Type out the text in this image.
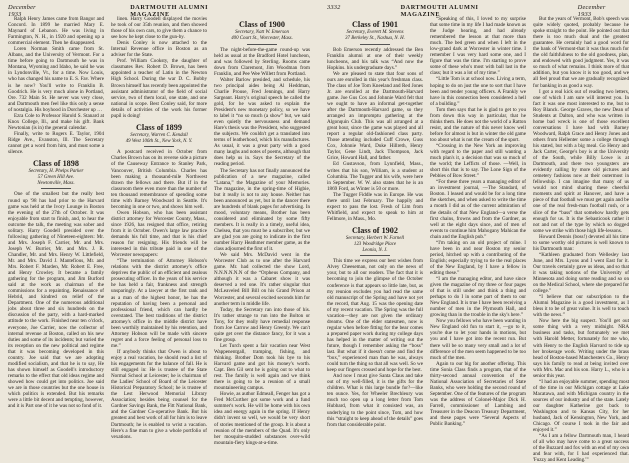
December 1933
DARTMOUTH ALUMNI MAGAZINE
33 32	DARTMOUTH ALUMNI MAGAZINE
December 1933

Ralph Henry James came from Bangor and Concord. In 1899 he married Mary E. Maynard of Lebanon. He was living in Farmington, N. H., in 1920 and opening up a commercial element. Then he disappeared.

Loren Norman Smith came from St. Albans, and the University of Vermont. For a time before going to Dartmouth he was in Montana, Wyoming and Idaho, he said he was in Lyndonville, Vt., for a time. Now Louis, who has changed his name to E. S. Fav. Where is he now? You'll write to Franklin B. Goodrich. He is very much alone in Portland, Ore. 732 Main St. He never was very close, and Dartmouth men feel like this only a sense of nostalgia. His boyhood in Dorchester up …

Ezra Cole to Professor Harold S. Stanard at Knox College, Ill., and make his gift. Bank Newtonian (is in) the general calendar.

Finally, write to Rogers E. Taylor, 1904 Ridge Ave., Evanston, Ill. The Secretary cannot get a word from him, and must some a silence.

Class of 1898
Secretary, H. Phelps Parker
57 Green Hill Ave.
Newtonville, Mass.

One of the smallest but the really best round up '98 has had prior to the Harvard game was held at the Ivory Lounge in Boston the evening of the 27th of October. It was enjoyable from start to finish, and, to hear the outcome the talk, the meeting was sober and solitary. Harry Goodell presided over the following gathering of Nineteen-eighters: Mr. and Mrs. Joseph F. Carrier, Mr. and Mrs. Joseph W. Burrier, Mr. and Mrs. J. R. Chandler, Mr. and Mrs. Henry W. Littlefield, Mr. and Mrs. David J. Mantefious, Mr. and Mrs. Robert F. Marden, Mr. Robert E. Free, and Henry Crowley. It became a family gathering for the program, and Jim Burford said at the work as chairman of the commissions for a repainting. Renaissance of Hebrid, and kindred on relief of the Department. One of the numerous additional jobs about three and six hundreds on the discussion of the party, with a hard-marked attitude to the work. Finished near ten o'clock, everyone, Joe Carrier, now the collector of internal revenue at Boston, called on his new duties and some of its incidents; but varied the its reception on the new political and regime that it was becoming developed in this country. Joe said that we are adopting modified socialism, and that he is to say, He has shown himself as Goodell's introductory remarks to the effect that old ideas regime and showed how could get into politics. Joe said we are in those countries but the one house in which politics is extended. But his remarks were a little bit decent and tempting, however, and it is Part one of it he was not so fond of it.

linen. Harry Goodell displayed the movies he took of our 35th reunion, and then showed those of his own cars, to give them a chance to see how he kept close to the gun-by.

Denis Conley is now attached to the Internal Revenue office in Boston as an adviser for the State.

Prof. William Cooksty, the daughter of classmates Rev. Robert D. Brown, has been appointed a teacher of Latin in the Newton High School. During the war D. C. Bobby Brown himself has recently been appointed the assistant administrator of the field of social service, two of them local, one state, and one national in scope. Best Conley said, for more details of activities of the work his former pupil is doing!

Class of 1899
Secretary, Warren C. Kendall
49 West 106th St., New York, N. Y.

A postcard received in October from Charles Brown has on its reverse side a picture of the Causeway Entrance to Stanley Park, Vancouver, British Columbia. Charles has been making a thousand-mile Northwest drawn the fellows and there. But if in the classroom there even more than the number of ten thousand remembrance of spending some time with Barney Woodward in Seattle. It's becoming in one or two, and shows him well.

Owen Hobson, who has been assistant district attorney for Worcester County, Mass., since 1926, has resigned that office, retiring from it in October. Owen's large law practice demands his full time, and that is his chief reason for resigning. His friends will be interested in this tribute paid in one of the Worcester newspapers:

“The termination of Attorney Hobson's relations with the district attorney's office deprives the public of an efficient and zealous prosecuting officer. In the years of his service he has held a fair, frankness and strength unsparingly. At a lawyer at the first rank and as a man of the highest honor, he has the reputation of having been a personal and professional friend, which can hardly be overstated. The best traditions of the district attorney's office in the middle district have been worthily maintained by his retention, and Attorney Hobson will be made with sincere regret and a force feeling of personal loss to me.”

If anybody thinks that Owen is about to enjoy a real vacation, he should read a list of his engagements for the balance of fall. He is still engaged in: He is trustee of the State Normal School at Leicester; he is chairman of the Ladies' School of Board of the Leicester Historical Preparatory School; he is trustee of the Lest Herwood Memorial Library Association; besides being counsel for the Gardner Savings Bank, the Fitt National Bank, and the Gardner Co-operative Bank. But his greatest and best work of all for him is to leave Dartmouth; he is enabled to wrist a vacation. Here's a fine man to give a whole portfolio of vexations.

Class of 1900
Secretary, Natt W. Emerson
400 Court St., Worcester, Mass.

The night-before-the-game round-up was held as usual at the Bradford Hotel luncheon, and was followed by Sterling. Rooms came down from Claremont, Jim Woodman from Franklin, and Pee Wee Willett from Portland.

Walter Barlow presided, and schedule, his two principal aides being Al Heddman, Charlie Prouse, Fred Jennings, and Harry Sargeant. Harry's original speech he called the gold, for he was asked to explain the President's new monetary policy, so we have to label it “no so much (a show” but, we said even quietly the nervousness and demand Hare's thesis was the President, who suggested the subjects. We couldn't get a translated into terms of leatherhood, which his manufactures. As usual, it was a great party with a good many laughs and notes of poems, although that does help us in. Says the Secretary of the reading period.

The Secretary has not finally announced the publication of a new magazine, called “Latana,” the Magazine of your Memories. The magazine, in the spring-time of Higbie, but it really is not to any house. Neither has been announced as yet, but in the dancer there are hundreds of blank pages for advertising. In mood, voluntary means, Brother has been considered and eliminated by some fifty members. It is really in a timely, useful idea, Chelsea, that you must be a subscriber, but we are glad you are going to indicate in the first number Harry Heathmer member game, as the class adjourned the first of it.

We said Mrs. McDavid went in the Worcester Club as to one after the Harvard game. Mr. had collected the show Lord, N.N.N.N.N.N of the “Orpheus Company, and although it was a Cabaret show it was deserved a red one. It's rather singular that McLeaveled Bill Bill on his Grand Prison at Worcester, and several excited seconds him for another term in middle life.

Today, the Secretary ran into those of his. It's rather strange to run into the Bolton or Tony, for they really have remedial response from Joe Carrow and Henry Greenly. We can't quite get over the distance fancy, for it was a fine group.

Let Turch spent a fair vacation near West Wappenentgall, tramping, fishing, and thinking. Brother Dom took his bye to his Harvard game and got his money's worth. Capt. Ben Gil sent he is going out to what to rest. The family is well again and we think there is going to be a reunion of a small mountaineering campus.

Howie, as author Edmeall, Fenger has got a Fred McCurther got some work and a fund summer's work. He will be home with his own idea and energy again in the spring. If Henry didn't invent so well, we would be very short of stories mentioned of the group. It is about a reunion of the members of the Quad. It's only her mosquito-studded substances over-wild mountain-fiery kings-at-a-time.

Class of 1901
Secretary, Everett M. Stevens
37 Berkeley St., Nashua, N. H.

Bob Emerson recently addressed the Ben Franklin alumni at one of their weekly luncheons, and his talk was “And now the Hopkins. his undergraduate days.”

We are pleased to state that four sons of ours are enrolled in this year's freshman class. The class of Joe Tom Kneeland and Red Jones Jr. are enrolled at the Dartmouth-Harvard game. Joe Gus Cox and Johnnie Ward felt that we ought to have an informal get-together after the Dartmouth-Harvard game, so they arranged an impromptu gathering at the Algonquin Club. This was all arranged at a great hour, since the game was played and all report a regular old-fashioned class party. Those attending included Cuff Crowe, Guss Cox, Johnnie Ward, Duke Hillreth, Henry Taylor, Gene Lindt, Jack Thompson, Jack Grice, Howard Hall, and father.

Ed Gustavson, from Lynnfield, Mass., writes that his son, William, is a student at Columbia. The Tugger and his wife, were here in September. W. W. also states that he is an 1869 Ford, as Winter is 50 or more.

The Tugger Fiddle was in Europe. He was there until last February. The happily and expect to pass the lost. Fresh of Lim from Whitfield, and expect to speak to him at Fellmore, in Mass., Mo.

Class of 1902
Secretary, Herbert W. Farnell
123 Woodridge Place
Leonia, N. J.

This time we express our best wishes from Alvey Cheeseman, not only on the news of your, but to all our readers. The fact that it is becoming to join the glimpse of the October conference is that appears so little late, but, as my reunion excludes you had read the same old manuscript of the Spring and have not yet the record, that Aug. 15 was the opening date of my recent vacation. The Spring was the full vacation—they are not given the ordinary dreams. One of the elder statesmen, now is regular when before fitting for the bear comes a prepared paper work during my college days has helped in the matter of writing out the future, though I remember asking the “boss” last. But what if it doesn't come and find the “box,” experienced man than he was, always could turn the thing so that all was well. So we keep our fingers crossed and hope for the best.

And now I must give Santa Claus and take out of my well-filled, it is the gifts for the children. What is this large bundle for?—like ten ounce. Yes, for Wheeler Brechleury was much too open up a long letter from Tom Hubbard, from what it consisted was, an underlying to the point since, Tom, and how this “straight to keep ahead of the details” goes from that considerable point.

“Speaking of this, I loved to my surprise that some time in my life I had made known as the Judge hearing, and had already remembered the lesson at that more than much. The bed green and when I left in the low-grand dark at Worcester in winter time. I remember I was very hard some one, and I figure that was the time. I'm starting to prove some of these who's most with ball last in the class; but it was a lot of my time.”

“Little Tom is at school now. Living a term, hoping to do on just the one to sort that I have been and tender young officers. A Frankly we have in this connection been considered a hell of a building.”

Tom then says that he is glad to get to you from down this way in particular, that he thinks them. He does not the world of a Ratton resist, and the nature of this never know well before for almost is but in winter the old game too about what is not the cream of the sport.

“Crossing in the New York an improving with regard to the paper and still wanting a much plan's it, a decision that was so much of the world; the Lefficts of those. —Well, in short this that is to say. The Lone Sign of the Pebbies of Bow Street.”

“For these three years a managing editor of an investment journal, —The Standard, of Boston. I leased and would be for a long time the sketches, and when asked to write the time a month I did as of the current admiration of the details of that New England—a verse the first chains, frowns and from the Gardner, as well at the eight days since, and of men of events to continue him Mahogany Mahican the chain and the English pub.”

“I'm taking on an old project of mine. I have been in and near Boston my senior period, hitched up with a contributing of the English; especially trying to tie the real places of the New England, by I have a fellow in editing these.”

“I am the managing editor, and have since given the magazine of my three or four pages of that is still under and think a thing and perhaps to do I in some part of them to our New England. It is true I have been receiving a number of men in the Plymouth Hall, and growing than in the trouble in the sky's here.”

Now you fellows who have been wanting in New England old fun to start it, —go to it, you're due to let your hands in motions, but you and I have got into the recent run. But there will be so many very small and a lot of difference of the men seem happened to be too much of the men.

Again to our big for another offering. This time Sonia Class finds a program, that of the thirty-second annual convention of the National Association of Secretaries of State Banks, who were holding the second round of September. One of the features of the program was the address of Colonel-Major Dick H. Farrell, commissioner of Lambing and Treasurer in the Deacon Treasury Department, and these pages were “Several Aspects of Public Banking.”

But the years of Vermont, Bob's speech was quite widely quoted, probably because he spoke straight to the point. He pointed out that there is too much dual and the greatest guarantee. He certainly had a good word for the bank of Vermont-that it was thus much for the old faithfulness to the old goodness, plan, and endowed with good judgment. Yes, it was so much of what remains. I think more of that addition, but you know it is too good, and we all feel proud that we are gradually recognized for banking in as good a way.

I got a real kick out of reading two letters, one of which I am sure will interest you. In fact it was one most interested to me, but to Roy Blanck. George Graves, the new Dean of Students at Dalton, and who was written in home bad wreck is one of those excellent conversations I have had with Barney Woodward, Ralph Grace and Henry Jones and others from Hellenter some a college through his stated, but with a big meal. Go Henry and Jack Carter, George's boy is at the University of the South, while Billy Lowe is at Dartmouth, and there two youngsters are evidently calling by more old pictures and cemetery fashions now at their outermost in fellowship. I can imagine that many of us would not mind sharing these cheerful moments and spirit at Hanover, and have a piece of that football we must get again and be one of the real fresh-man football rush, or a slice of the “bass” that somehow hardly gets enough for us. It is the Sebasticook rather it not and not of the type by which so dogged some we strike with those high life-lessons.

Howard Dennis (boss!) devoted all his time to some worthy old pictures is well known to his Dartmouth man:

“Kathleen graduated from Wellesley last June, and Mrs. Lyons and I went East for it. Our travels certainly gave us ideas, and so that it was taking notions of the University of Minnesota and doing some reading and so on on the Medical School, where she prepared for college.”

“I believe that our subscription to the Alumni Magazine is a good investment, as I bless it to be of great value. It is well to touch with the news.”

Now here the big suspect. You'll get out some thing with a very midnight. NRA business and tasks, but fortunately we met with Harold Metter, fortunately for me who, with Henry to the English Harvard to tide up her brokerage work. Writing under the brass head of Boston-based Manchesters Co., Henry says his family to read at being invited over with Mrs. Mac and his son. Harry L., who is a senior this year.

“I had an enjoyable summer, spending most of the time in our Michigan cottage at Lake Macatawa, and with Michigan country in the sources of our industry and of the state. Lately our daughter Katherine got back to Washington and to Kansas City, for her husband, Jack of Kensington, New York, and Chicago. Of course I took in the fair and enjoyed it.”

“As I am a fellow Dartmouth man, I heard of all who may have come to a great success of the Buzzard and fox with an end of my own and fear with, for I had experienced that. 'Fuzzy and Kent Leading.'”
